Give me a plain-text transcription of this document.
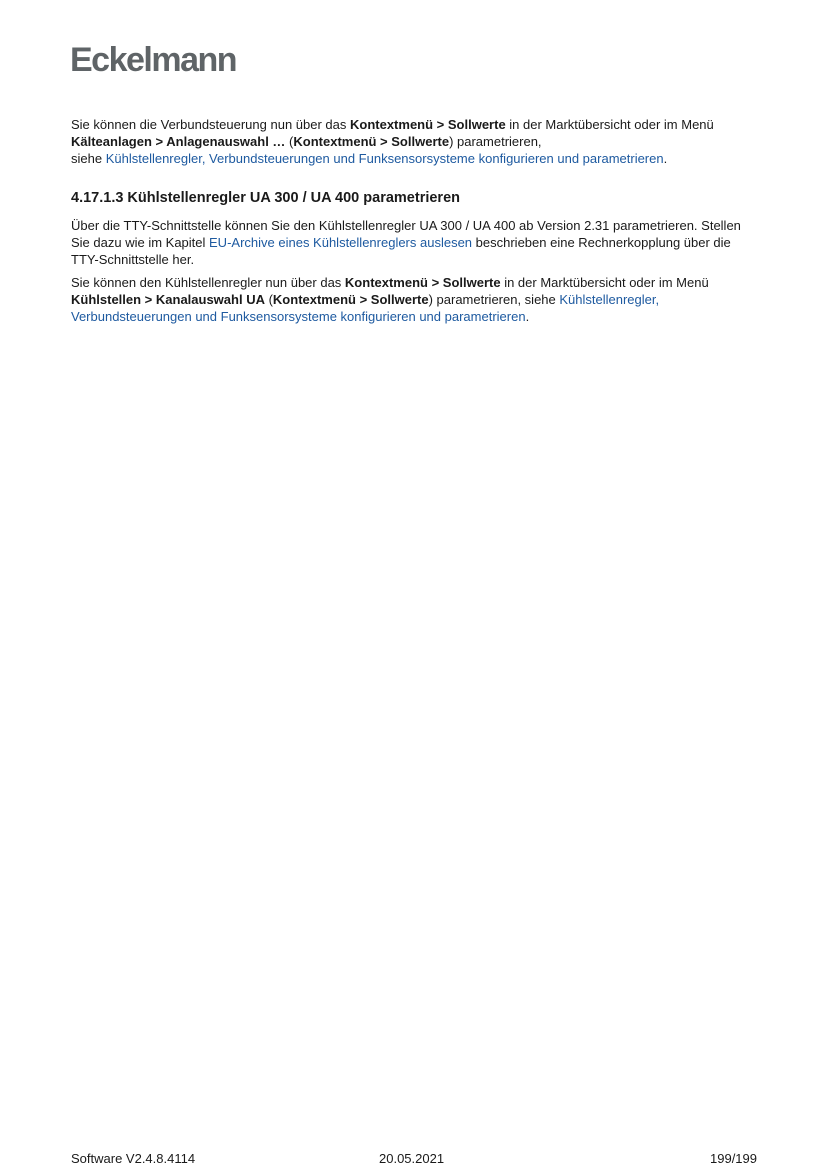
Eckelmann

Sie können die Verbundsteuerung nun über das Kontextmenü > Sollwerte in der Marktübersicht oder im Menü Kälteanlagen > Anlagenauswahl … (Kontextmenü > Sollwerte) parametrieren,
siehe Kühlstellenregler, Verbundsteuerungen und Funksensorsysteme konfigurieren und parametrieren.

4.17.1.3 Kühlstellenregler UA 300 / UA 400 parametrieren

Über die TTY-Schnittstelle können Sie den Kühlstellenregler UA 300 / UA 400 ab Version 2.31 parametrieren. Stellen Sie dazu wie im Kapitel EU-Archive eines Kühlstellenreglers auslesen beschrieben eine Rechnerkopplung über die TTY-Schnittstelle her.

Sie können den Kühlstellenregler nun über das Kontextmenü > Sollwerte in der Marktübersicht oder im Menü Kühlstellen > Kanalauswahl UA (Kontextmenü > Sollwerte) parametrieren, siehe Kühlstellenregler, Verbundsteuerungen und Funksensorsysteme konfigurieren und parametrieren.

Software V2.4.8.4114	20.05.2021	199/199
